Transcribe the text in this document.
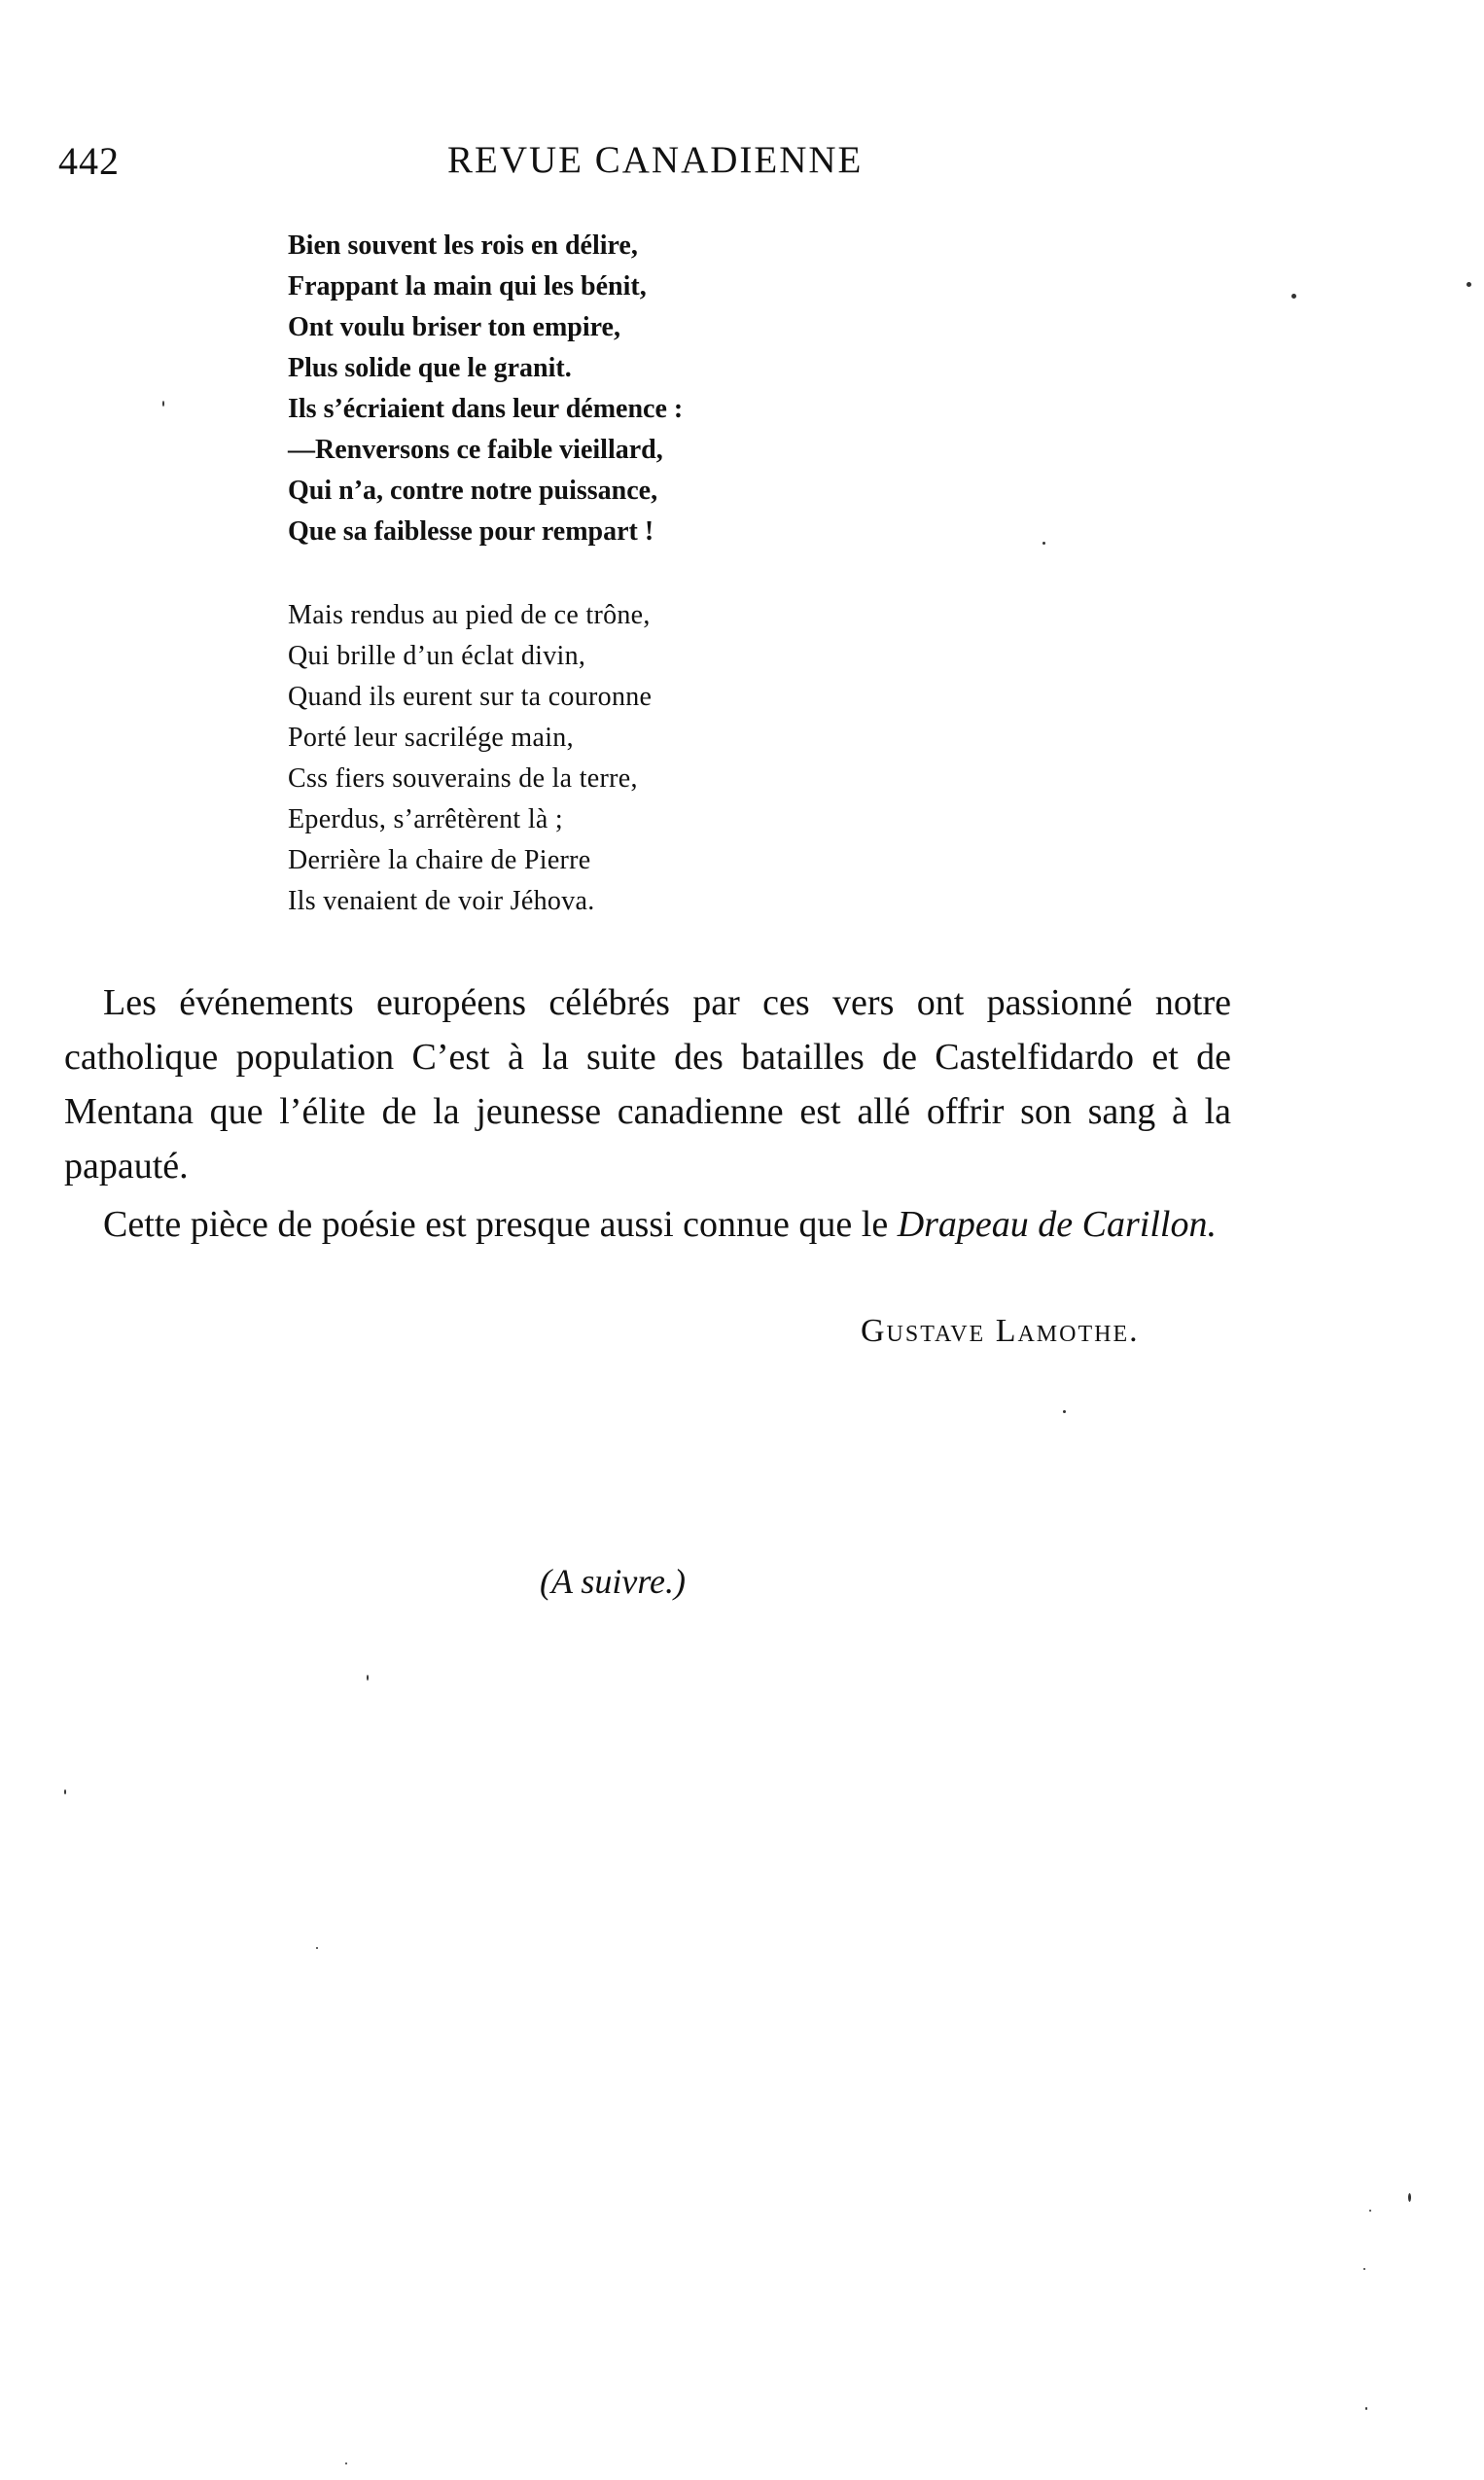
442	REVUE CANADIENNE
Bien souvent les rois en délire,
Frappant la main qui les bénit,
Ont voulu briser ton empire,
Plus solide que le granit.
Ils s’écriaient dans leur démence :
—Renversons ce faible vieillard,
Qui n’a, contre notre puissance,
Que sa faiblesse pour rempart !
Mais rendus au pied de ce trône,
Qui brille d’un éclat divin,
Quand ils eurent sur ta couronne
Porté leur sacrilége main,
Css fiers souverains de la terre,
Eperdus, s’arrêtèrent là ;
Derrière la chaire de Pierre
Ils venaient de voir Jéhova.

Les événements européens célébrés par ces vers ont passionné notre catholique population C’est à la suite des batailles de Castelfidardo et de Mentana que l’élite de la jeunesse canadienne est allé offrir son sang à la papauté.

Cette pièce de poésie est presque aussi connue que le Drapeau de Carillon.

Gustave Lamothe.
(A suivre.)
